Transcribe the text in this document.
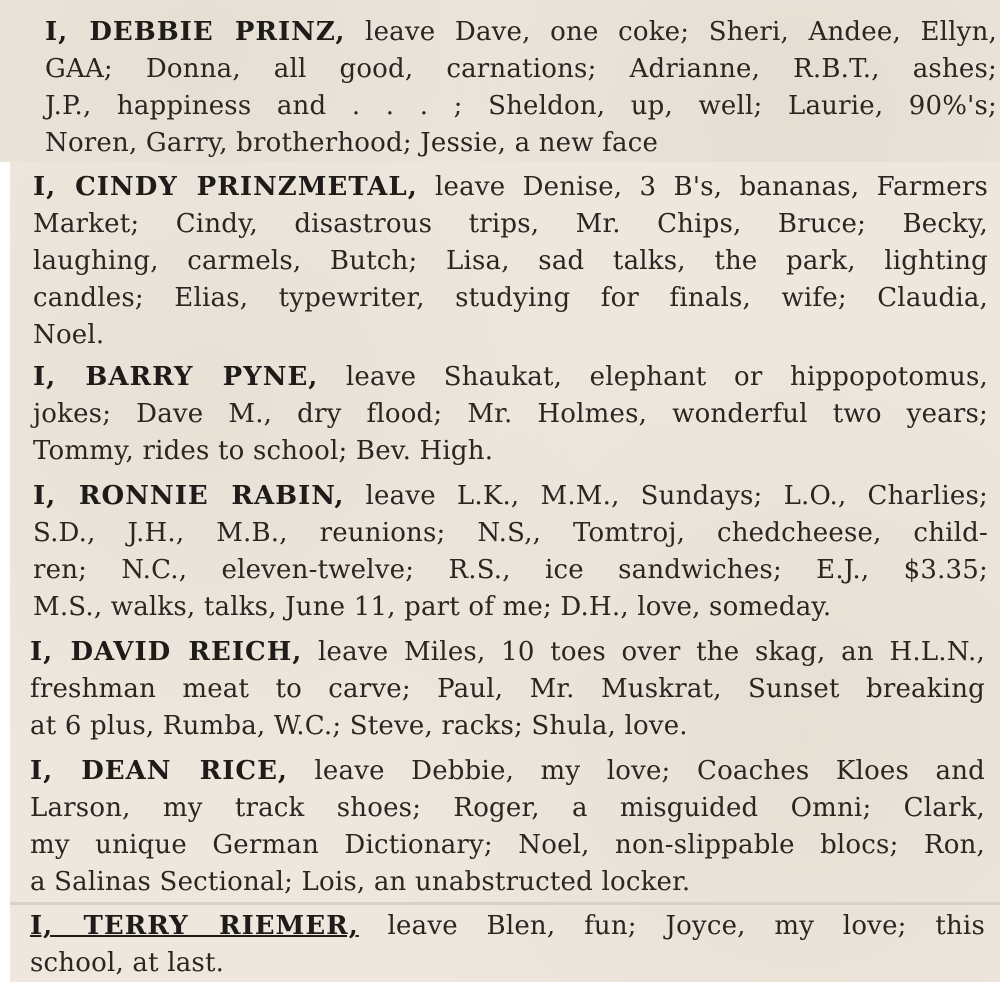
I, DEBBIE PRINZ, leave Dave, one coke; Sheri, Andee, Ellyn,
GAA; Donna, all good, carnations; Adrianne, R.B.T., ashes;
J.P., happiness and . . . ; Sheldon, up, well; Laurie, 90%'s;
Noren, Garry, brotherhood; Jessie, a new face
I, CINDY PRINZMETAL, leave Denise, 3 B's, bananas, Farmers
Market; Cindy, disastrous trips, Mr. Chips, Bruce; Becky,
laughing, carmels, Butch; Lisa, sad talks, the park, lighting
candles; Elias, typewriter, studying for finals, wife; Claudia,
Noel.
I, BARRY PYNE, leave Shaukat, elephant or hippopotomus,
jokes; Dave M., dry flood; Mr. Holmes, wonderful two years;
Tommy, rides to school; Bev. High.
I, RONNIE RABIN, leave L.K., M.M., Sundays; L.O., Charlies;
S.D., J.H., M.B., reunions; N.S,, Tomtroj, chedcheese, child-
ren; N.C., eleven-twelve; R.S., ice sandwiches; E.J., $3.35;
M.S., walks, talks, June 11, part of me; D.H., love, someday.
I, DAVID REICH, leave Miles, 10 toes over the skag, an H.L.N.,
freshman meat to carve; Paul, Mr. Muskrat, Sunset breaking
at 6 plus, Rumba, W.C.; Steve, racks; Shula, love.
I, DEAN RICE, leave Debbie, my love; Coaches Kloes and
Larson, my track shoes; Roger, a misguided Omni; Clark,
my unique German Dictionary; Noel, non-slippable blocs; Ron,
a Salinas Sectional; Lois, an unabstructed locker.
I, TERRY RIEMER, leave Blen, fun; Joyce, my love; this
school, at last.
